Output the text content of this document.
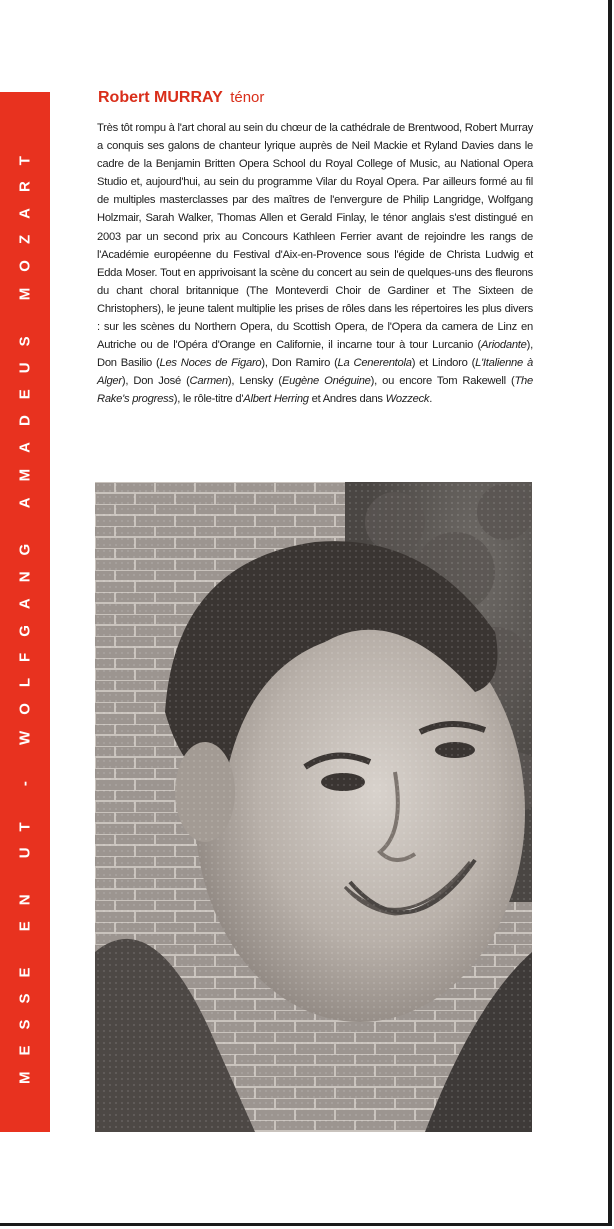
MESSE EN UT - WOLFGANG AMADEUS MOZART
Robert MURRAY ténor

Très tôt rompu à l'art choral au sein du chœur de la cathédrale de Brentwood, Robert Murray a conquis ses galons de chanteur lyrique auprès de Neil Mackie et Ryland Davies dans le cadre de la Benjamin Britten Opera School du Royal College of Music, au National Opera Studio et, aujourd'hui, au sein du programme Vilar du Royal Opera. Par ailleurs formé au fil de multiples masterclasses par des maîtres de l'envergure de Philip Langridge, Wolfgang Holzmair, Sarah Walker, Thomas Allen et Gerald Finlay, le ténor anglais s'est distingué en 2003 par un second prix au Concours Kathleen Ferrier avant de rejoindre les rangs de l'Académie européenne du Festival d'Aix-en-Provence sous l'égide de Christa Ludwig et Edda Moser. Tout en apprivoisant la scène du concert au sein de quelques-uns des fleurons du chant choral britannique (The Monteverdi Choir de Gardiner et The Sixteen de Christophers), le jeune talent multiplie les prises de rôles dans les répertoires les plus divers : sur les scènes du Northern Opera, du Scottish Opera, de l'Opera da camera de Linz en Autriche ou de l'Opéra d'Orange en Californie, il incarne tour à tour Lurcanio (Ariodante), Don Basilio (Les Noces de Figaro), Don Ramiro (La Cenerentola) et Lindoro (L'Italienne à Alger), Don José (Carmen), Lensky (Eugène Onéguine), ou encore Tom Rakewell (The Rake's progress), le rôle-titre d'Albert Herring et Andres dans Wozzeck.
